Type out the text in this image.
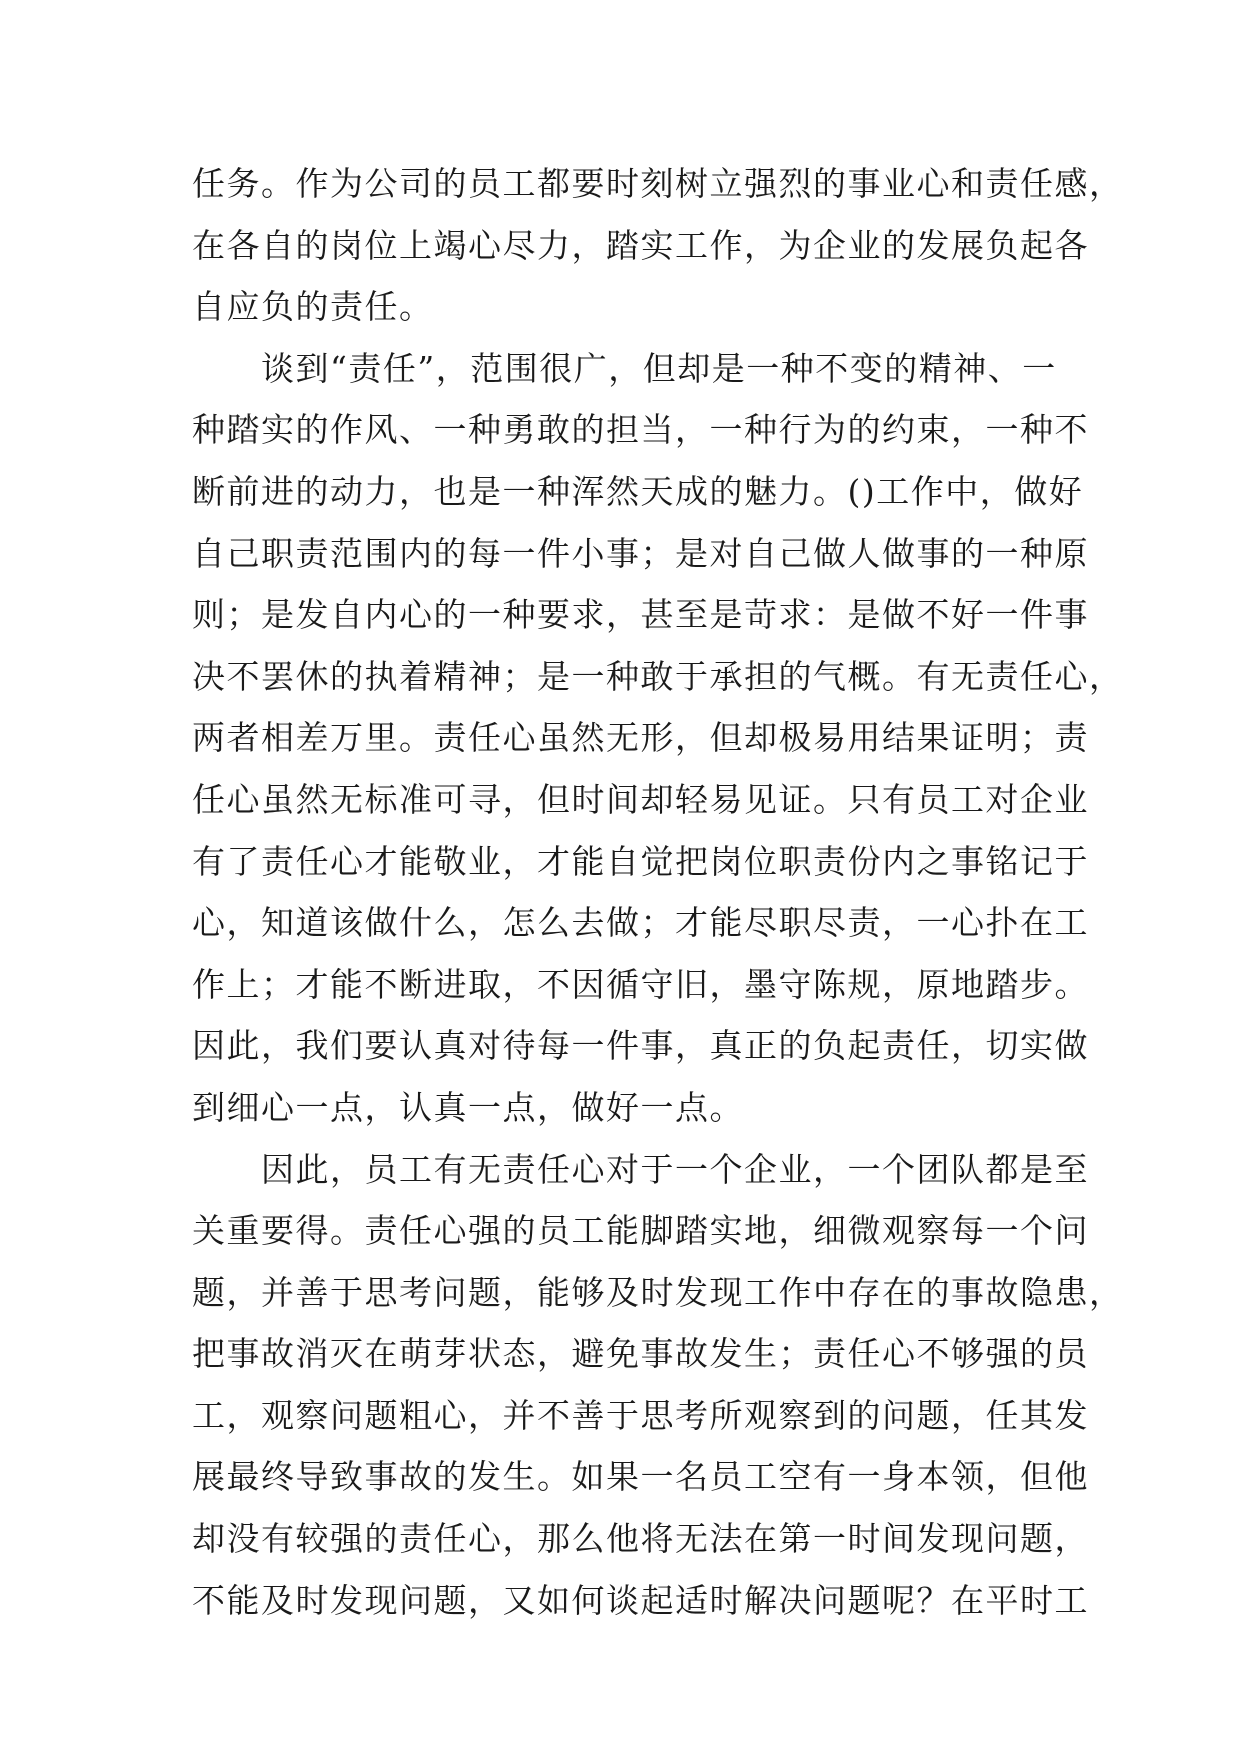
任务。作为公司的员工都要时刻树立强烈的事业心和责任感，
在各自的岗位上竭心尽力，踏实工作，为企业的发展负起各
自应负的责任。
　　谈到“责任”，范围很广，但却是一种不变的精神、一
种踏实的作风、一种勇敢的担当，一种行为的约束，一种不
断前进的动力，也是一种浑然天成的魅力。()工作中，做好
自己职责范围内的每一件小事；是对自己做人做事的一种原
则；是发自内心的一种要求，甚至是苛求：是做不好一件事
决不罢休的执着精神；是一种敢于承担的气概。有无责任心，
两者相差万里。责任心虽然无形，但却极易用结果证明；责
任心虽然无标准可寻，但时间却轻易见证。只有员工对企业
有了责任心才能敬业，才能自觉把岗位职责份内之事铭记于
心，知道该做什么，怎么去做；才能尽职尽责，一心扑在工
作上；才能不断进取，不因循守旧，墨守陈规，原地踏步。
因此，我们要认真对待每一件事，真正的负起责任，切实做
到细心一点，认真一点，做好一点。
　　因此，员工有无责任心对于一个企业，一个团队都是至
关重要得。责任心强的员工能脚踏实地，细微观察每一个问
题，并善于思考问题，能够及时发现工作中存在的事故隐患，
把事故消灭在萌芽状态，避免事故发生；责任心不够强的员
工，观察问题粗心，并不善于思考所观察到的问题，任其发
展最终导致事故的发生。如果一名员工空有一身本领，但他
却没有较强的责任心，那么他将无法在第一时间发现问题，
不能及时发现问题，又如何谈起适时解决问题呢？在平时工
